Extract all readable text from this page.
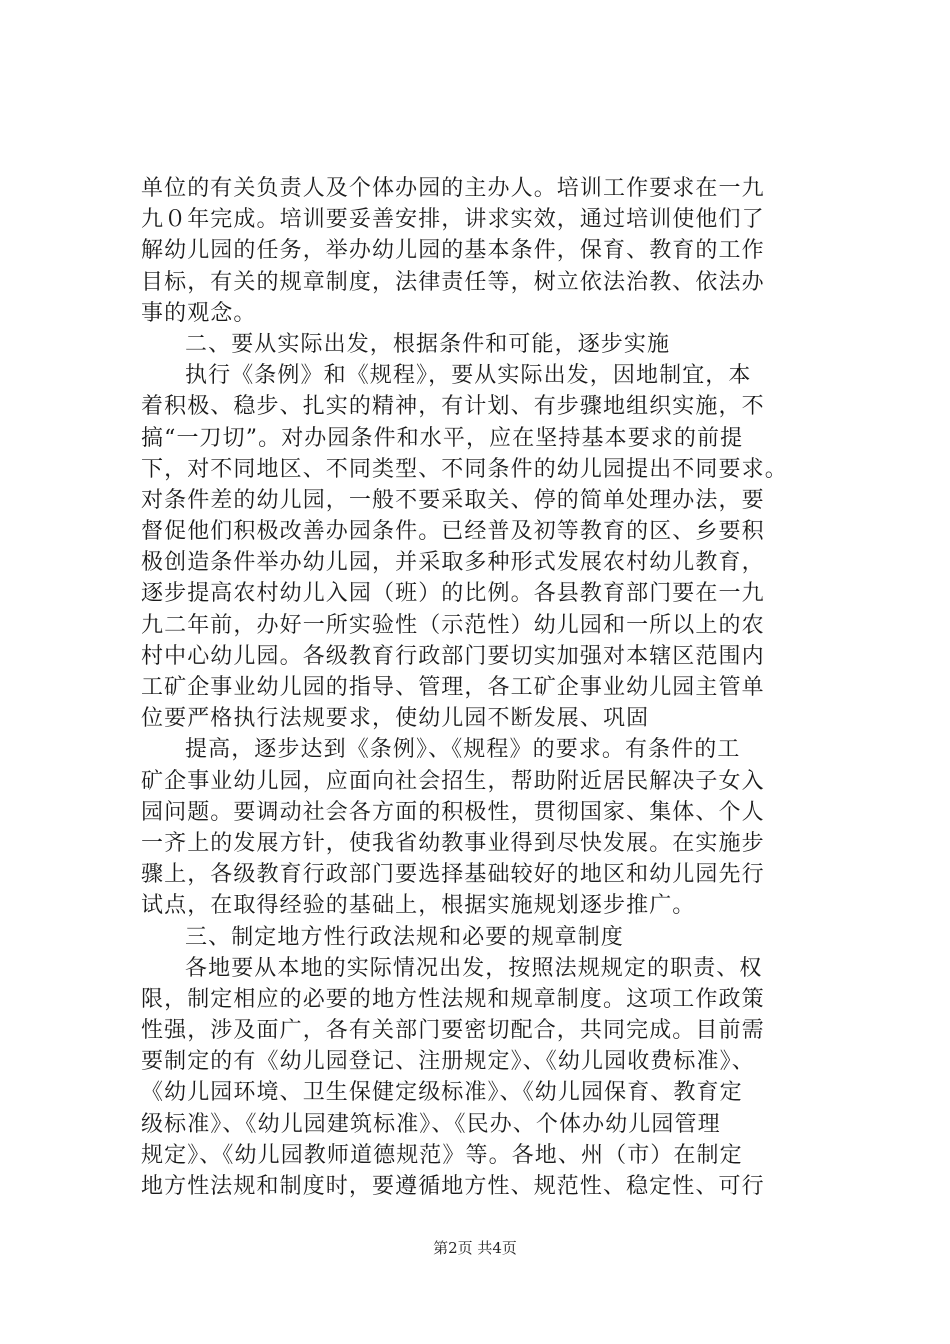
单位的有关负责人及个体办园的主办人。培训工作要求在一九
九０年完成。培训要妥善安排，讲求实效，通过培训使他们了
解幼儿园的任务，举办幼儿园的基本条件，保育、教育的工作
目标，有关的规章制度，法律责任等，树立依法治教、依法办
事的观念。
二、要从实际出发，根据条件和可能，逐步实施
执行《条例》和《规程》，要从实际出发，因地制宜，本
着积极、稳步、扎实的精神，有计划、有步骤地组织实施，不
搞“一刀切”。对办园条件和水平，应在坚持基本要求的前提
下，对不同地区、不同类型、不同条件的幼儿园提出不同要求。
对条件差的幼儿园，一般不要采取关、停的简单处理办法，要
督促他们积极改善办园条件。已经普及初等教育的区、乡要积
极创造条件举办幼儿园，并采取多种形式发展农村幼儿教育，
逐步提高农村幼儿入园（班）的比例。各县教育部门要在一九
九二年前，办好一所实验性（示范性）幼儿园和一所以上的农
村中心幼儿园。各级教育行政部门要切实加强对本辖区范围内
工矿企事业幼儿园的指导、管理，各工矿企事业幼儿园主管单
位要严格执行法规要求，使幼儿园不断发展、巩固
提高，逐步达到《条例》、《规程》的要求。有条件的工
矿企事业幼儿园，应面向社会招生，帮助附近居民解决子女入
园问题。要调动社会各方面的积极性，贯彻国家、集体、个人
一齐上的发展方针，使我省幼教事业得到尽快发展。在实施步
骤上，各级教育行政部门要选择基础较好的地区和幼儿园先行
试点，在取得经验的基础上，根据实施规划逐步推广。
三、制定地方性行政法规和必要的规章制度
各地要从本地的实际情况出发，按照法规规定的职责、权
限，制定相应的必要的地方性法规和规章制度。这项工作政策
性强，涉及面广，各有关部门要密切配合，共同完成。目前需
要制定的有《幼儿园登记、注册规定》、《幼儿园收费标准》、
《幼儿园环境、卫生保健定级标准》、《幼儿园保育、教育定
级标准》、《幼儿园建筑标准》、《民办、个体办幼儿园管理
规定》、《幼儿园教师道德规范》等。各地、州（市）在制定
地方性法规和制度时，要遵循地方性、规范性、稳定性、可行
第2页 共4页
